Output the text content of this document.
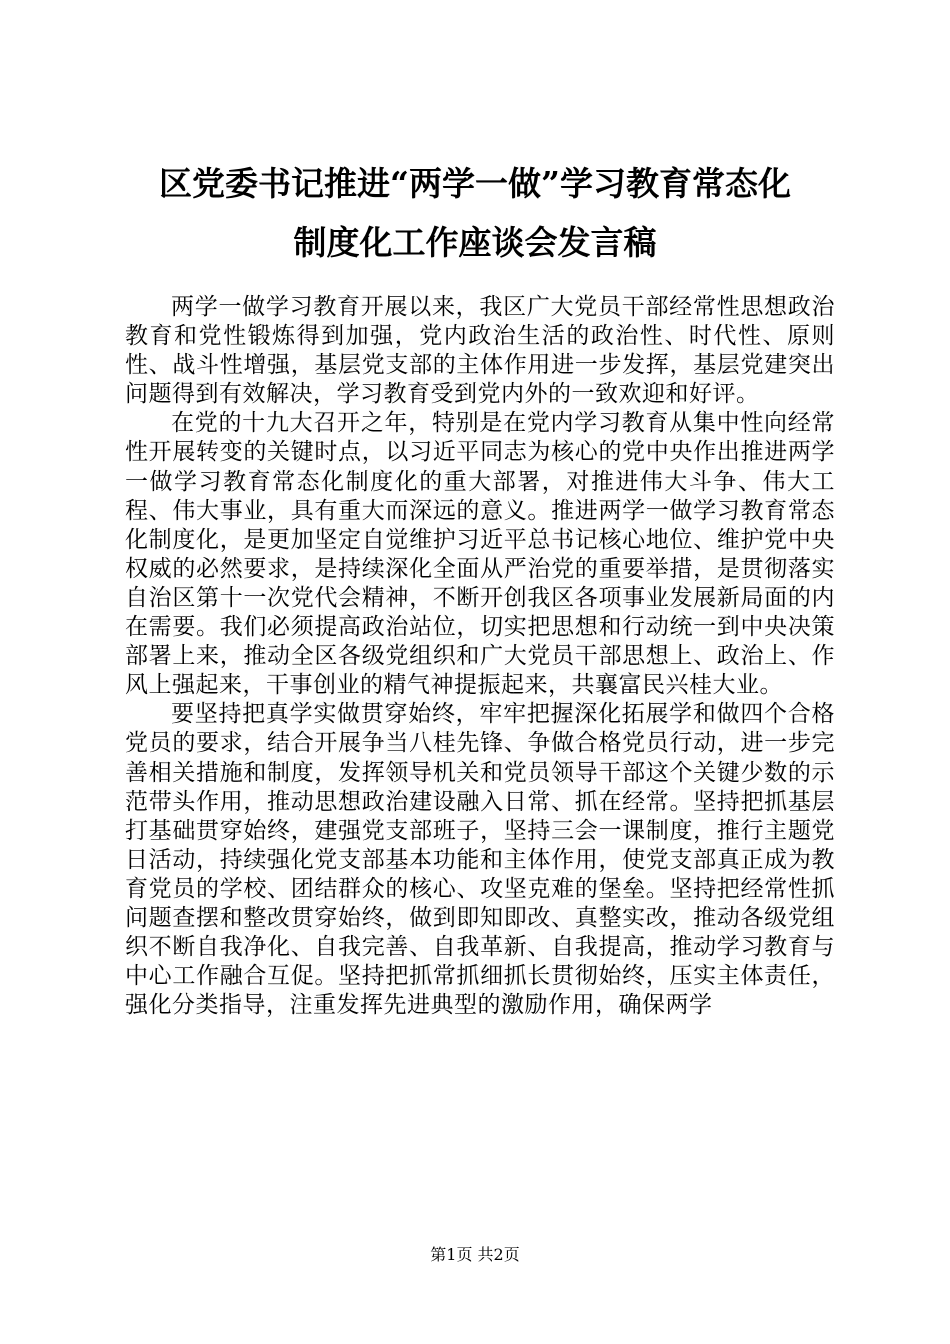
区党委书记推进“两学一做”学习教育常态化
制度化工作座谈会发言稿

两学一做学习教育开展以来，我区广大党员干部经常性思想政治教育和党性锻炼得到加强，党内政治生活的政治性、时代性、原则性、战斗性增强，基层党支部的主体作用进一步发挥，基层党建突出问题得到有效解决，学习教育受到党内外的一致欢迎和好评。

在党的十九大召开之年，特别是在党内学习教育从集中性向经常性开展转变的关键时点，以习近平同志为核心的党中央作出推进两学一做学习教育常态化制度化的重大部署，对推进伟大斗争、伟大工程、伟大事业，具有重大而深远的意义。推进两学一做学习教育常态化制度化，是更加坚定自觉维护习近平总书记核心地位、维护党中央权威的必然要求，是持续深化全面从严治党的重要举措，是贯彻落实自治区第十一次党代会精神，不断开创我区各项事业发展新局面的内在需要。我们必须提高政治站位，切实把思想和行动统一到中央决策部署上来，推动全区各级党组织和广大党员干部思想上、政治上、作风上强起来，干事创业的精气神提振起来，共襄富民兴桂大业。

要坚持把真学实做贯穿始终，牢牢把握深化拓展学和做四个合格党员的要求，结合开展争当八桂先锋、争做合格党员行动，进一步完善相关措施和制度，发挥领导机关和党员领导干部这个关键少数的示范带头作用，推动思想政治建设融入日常、抓在经常。坚持把抓基层打基础贯穿始终，建强党支部班子，坚持三会一课制度，推行主题党日活动，持续强化党支部基本功能和主体作用，使党支部真正成为教育党员的学校、团结群众的核心、攻坚克难的堡垒。坚持把经常性抓问题查摆和整改贯穿始终，做到即知即改、真整实改，推动各级党组织不断自我净化、自我完善、自我革新、自我提高，推动学习教育与中心工作融合互促。坚持把抓常抓细抓长贯彻始终，压实主体责任，强化分类指导，注重发挥先进典型的激励作用，确保两学

第1页 共2页
